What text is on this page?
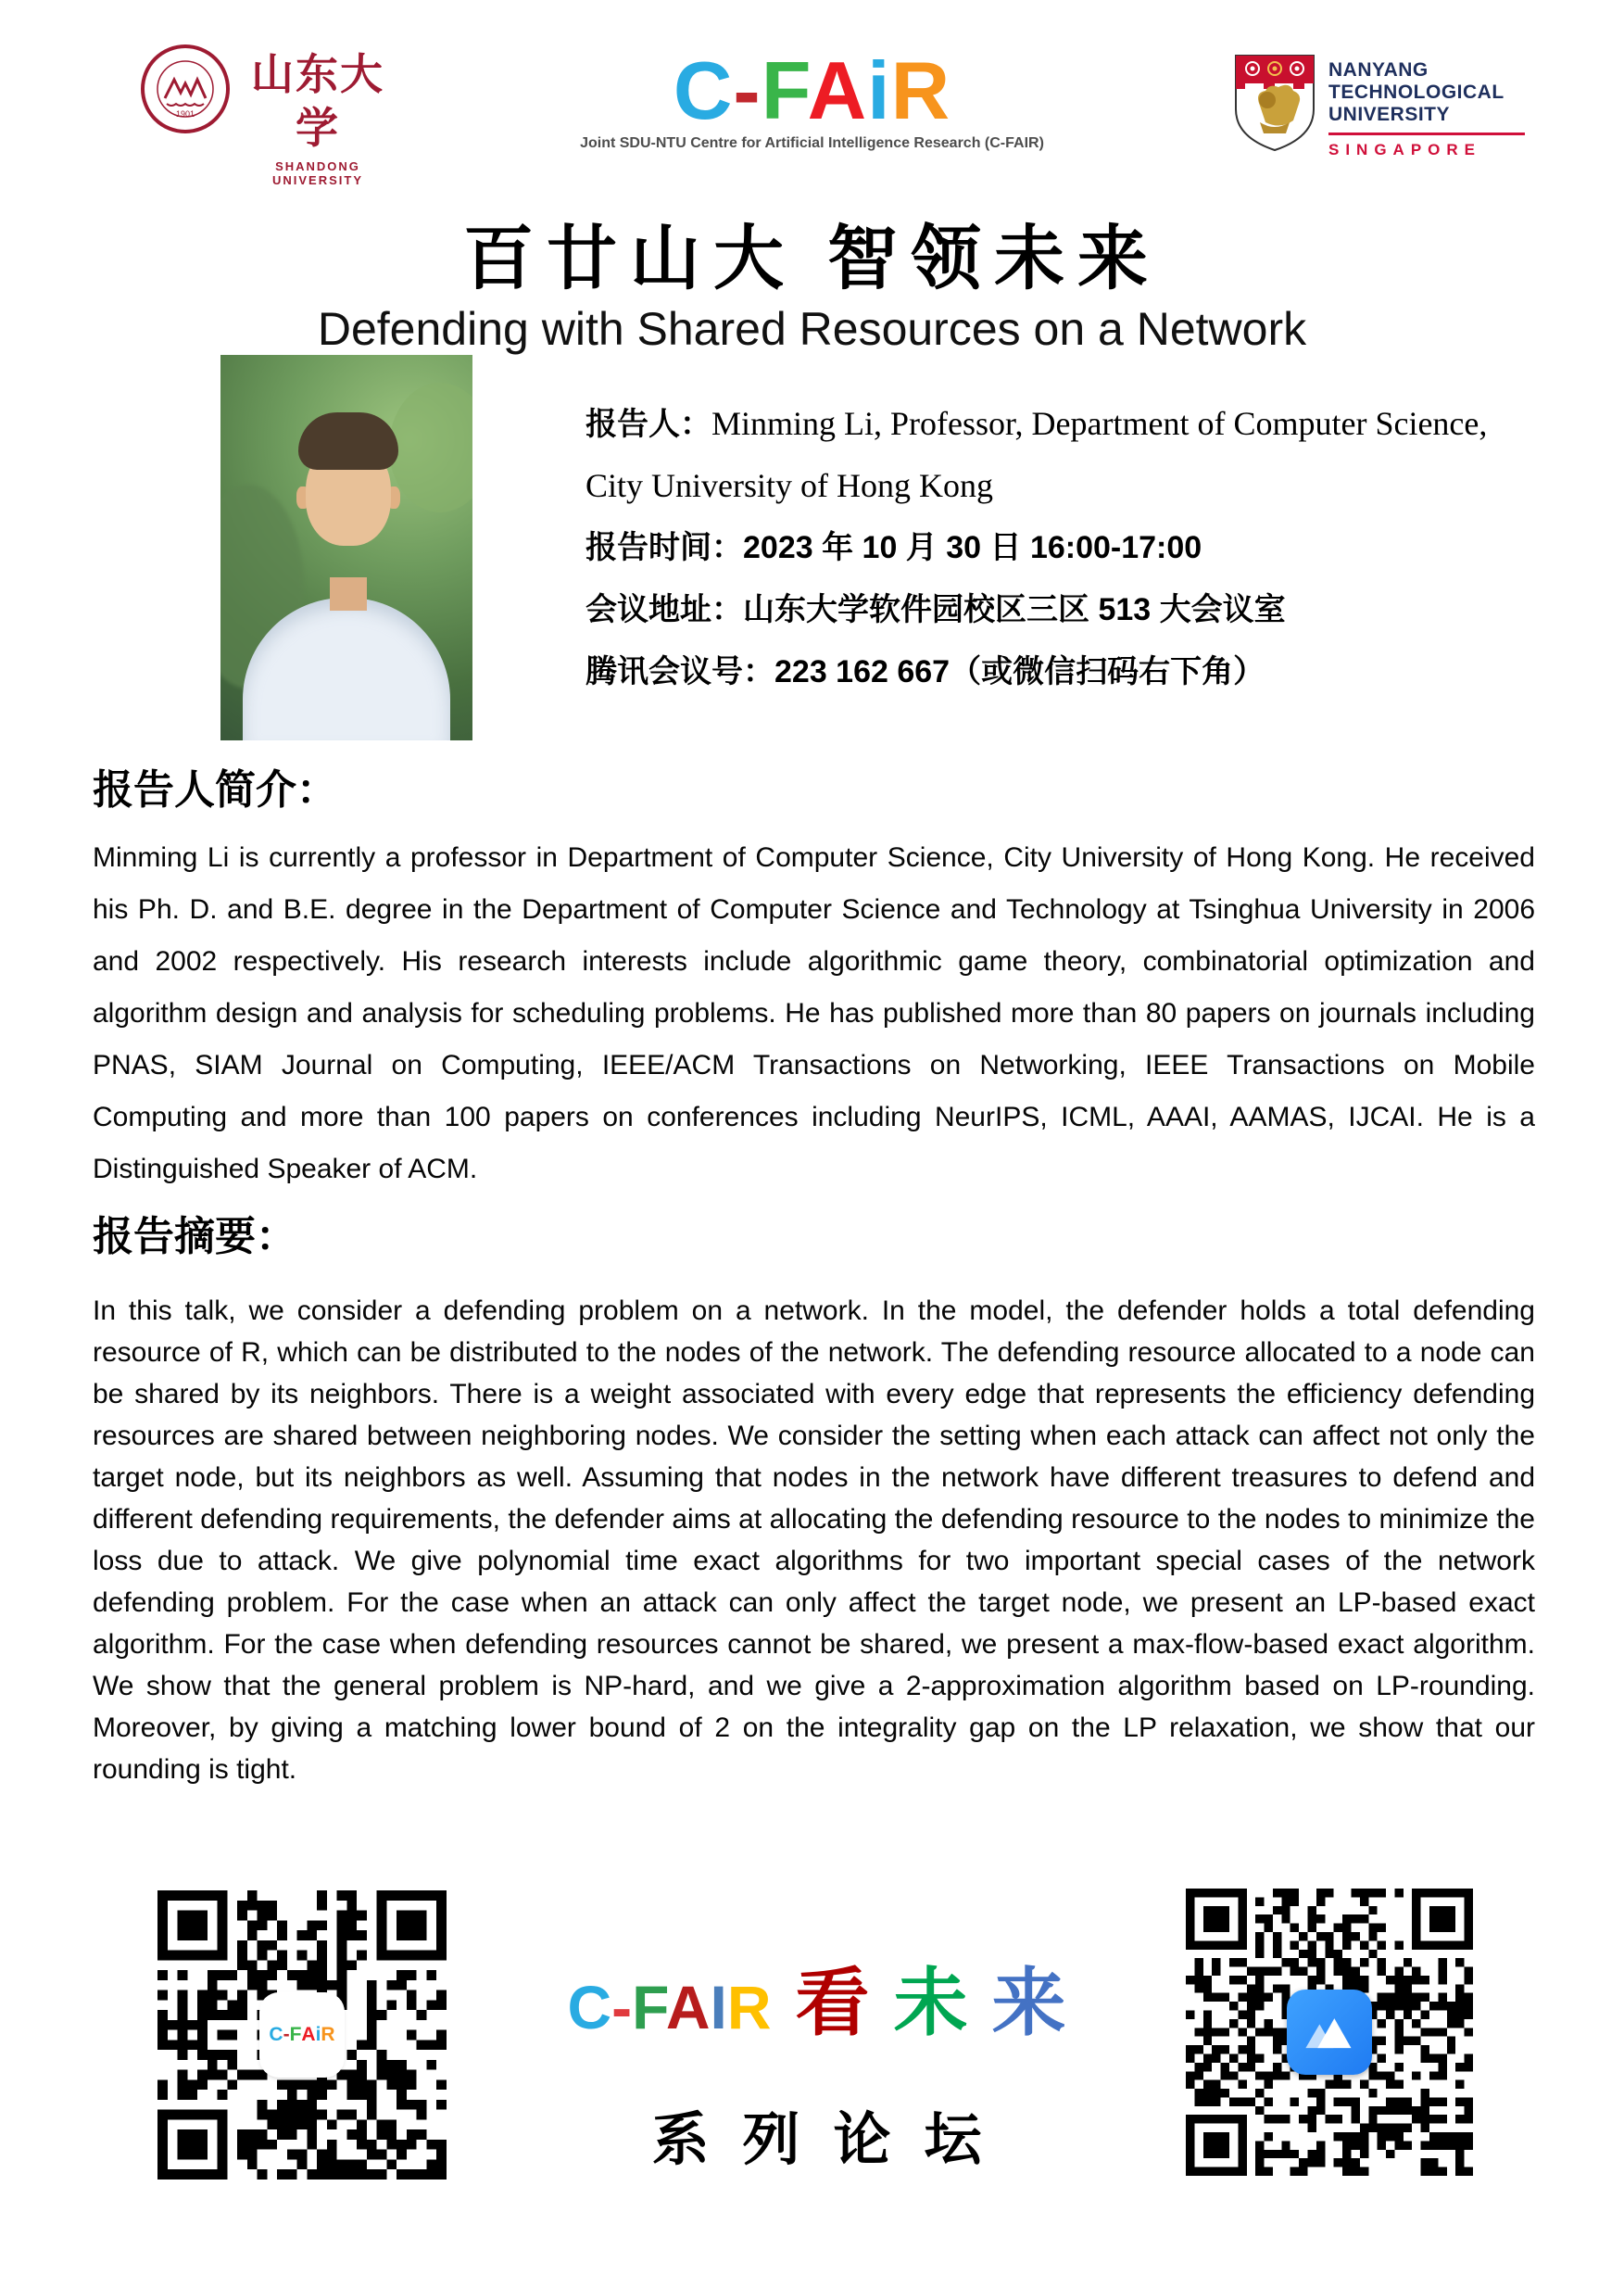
1901
山东大学
SHANDONG UNIVERSITY
C-FAiR
Joint SDU-NTU Centre for Artificial Intelligence Research (C-FAIR)
NANYANG
TECHNOLOGICAL
UNIVERSITY
SINGAPORE
百廿山大 智领未来
Defending with Shared Resources on a Network
报告人：Minming Li, Professor, Department of Computer Science,
City University of Hong Kong
报告时间：2023 年 10 月 30 日 16:00-17:00
会议地址：山东大学软件园校区三区 513 大会议室
腾讯会议号：223 162 667（或微信扫码右下角）
报告人简介：

Minming Li is currently a professor in Department of Computer Science, City University of Hong Kong. He received his Ph. D. and B.E. degree in the Department of Computer Science and Technology at Tsinghua University in 2006 and 2002 respectively. His research interests include algorithmic game theory, combinatorial optimization and algorithm design and analysis for scheduling problems. He has published more than 80 papers on journals including PNAS, SIAM Journal on Computing, IEEE/ACM Transactions on Networking, IEEE Transactions on Mobile Computing and more than 100 papers on conferences including NeurIPS, ICML, AAAI, AAMAS, IJCAI. He is a Distinguished Speaker of ACM.

报告摘要：

In this talk, we consider a defending problem on a network. In the model, the defender holds a total defending resource of R, which can be distributed to the nodes of the network. The defending resource allocated to a node can be shared by its neighbors. There is a weight associated with every edge that represents the efficiency defending resources are shared between neighboring nodes. We consider the setting when each attack can affect not only the target node, but its neighbors as well. Assuming that nodes in the network have different treasures to defend and different defending requirements, the defender aims at allocating the defending resource to the nodes to minimize the loss due to attack. We give polynomial time exact algorithms for two important special cases of the network defending problem. For the case when an attack can only affect the target node, we present an LP-based exact algorithm. For the case when defending resources cannot be shared, we present a max-flow-based exact algorithm. We show that the general problem is NP-hard, and we give a 2-approximation algorithm based on LP-rounding. Moreover, by giving a matching lower bound of 2 on the integrality gap on the LP relaxation, we show that our rounding is tight.

C - F A i R	C-FAIR 看 未 来
系列论坛
